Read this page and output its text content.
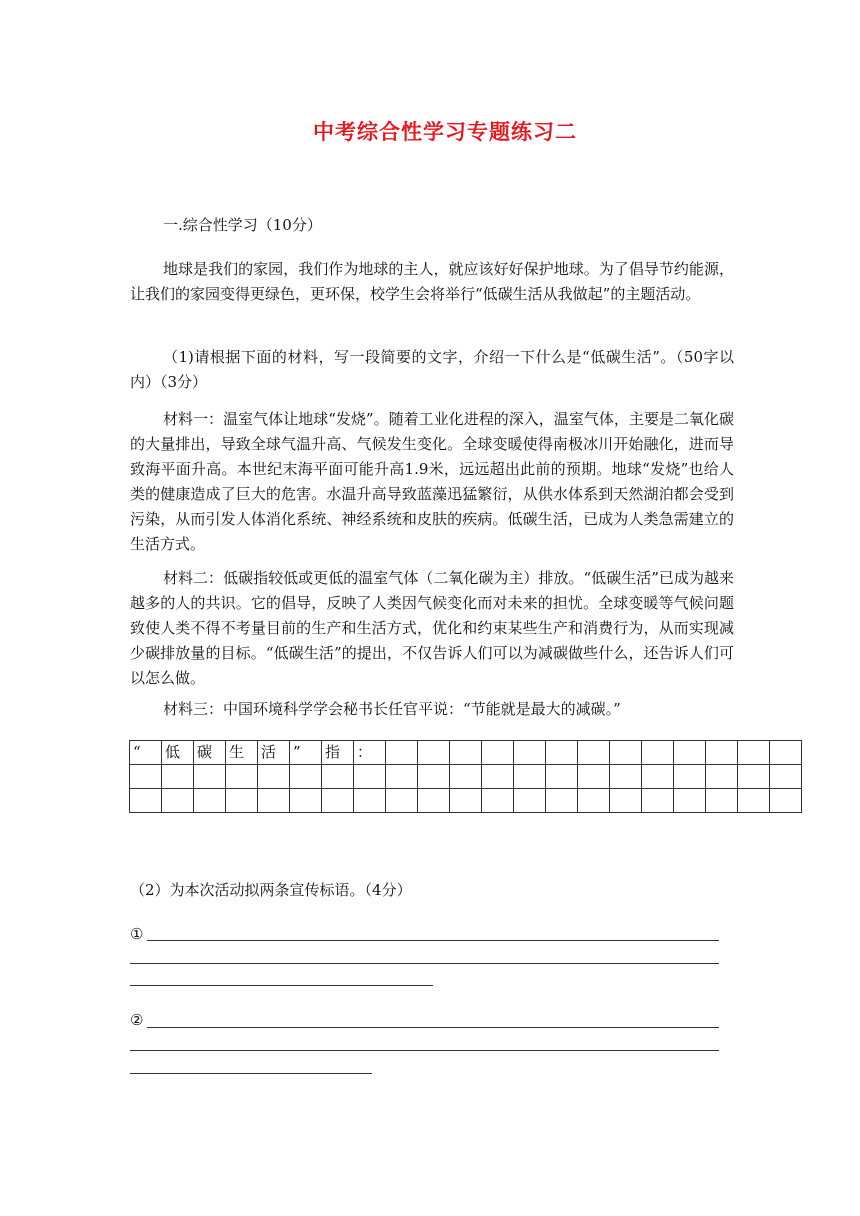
中考综合性学习专题练习二
一.综合性学习（10分）
地球是我们的家园，我们作为地球的主人，就应该好好保护地球。为了倡导节约能源，让我们的家园变得更绿色，更环保，校学生会将举行“低碳生活从我做起”的主题活动。
（1)请根据下面的材料，写一段简要的文字，介绍一下什么是“低碳生活”。（50字以内）（3分）
材料一：温室气体让地球“发烧”。随着工业化进程的深入，温室气体，主要是二氧化碳的大量排出，导致全球气温升高、气候发生变化。全球变暖使得南极冰川开始融化，进而导致海平面升高。本世纪末海平面可能升高1.9米，远远超出此前的预期。地球“发烧”也给人类的健康造成了巨大的危害。水温升高导致蓝藻迅猛繁衍，从供水体系到天然湖泊都会受到污染，从而引发人体消化系统、神经系统和皮肤的疾病。低碳生活，已成为人类急需建立的生活方式。
材料二：低碳指较低或更低的温室气体（二氧化碳为主）排放。“低碳生活”已成为越来越多的人的共识。它的倡导，反映了人类因气候变化而对未来的担忧。全球变暖等气候问题致使人类不得不考量目前的生产和生活方式，优化和约束某些生产和消费行为，从而实现减少碳排放量的目标。“低碳生活”的提出，不仅告诉人们可以为减碳做些什么，还告诉人们可以怎么做。
材料三：中国环境科学学会秘书长任官平说：“节能就是最大的减碳。”
“	低	碳	生	活	”	指	：													

（2）为本次活动拟两条宣传标语。（4分）
①
②
